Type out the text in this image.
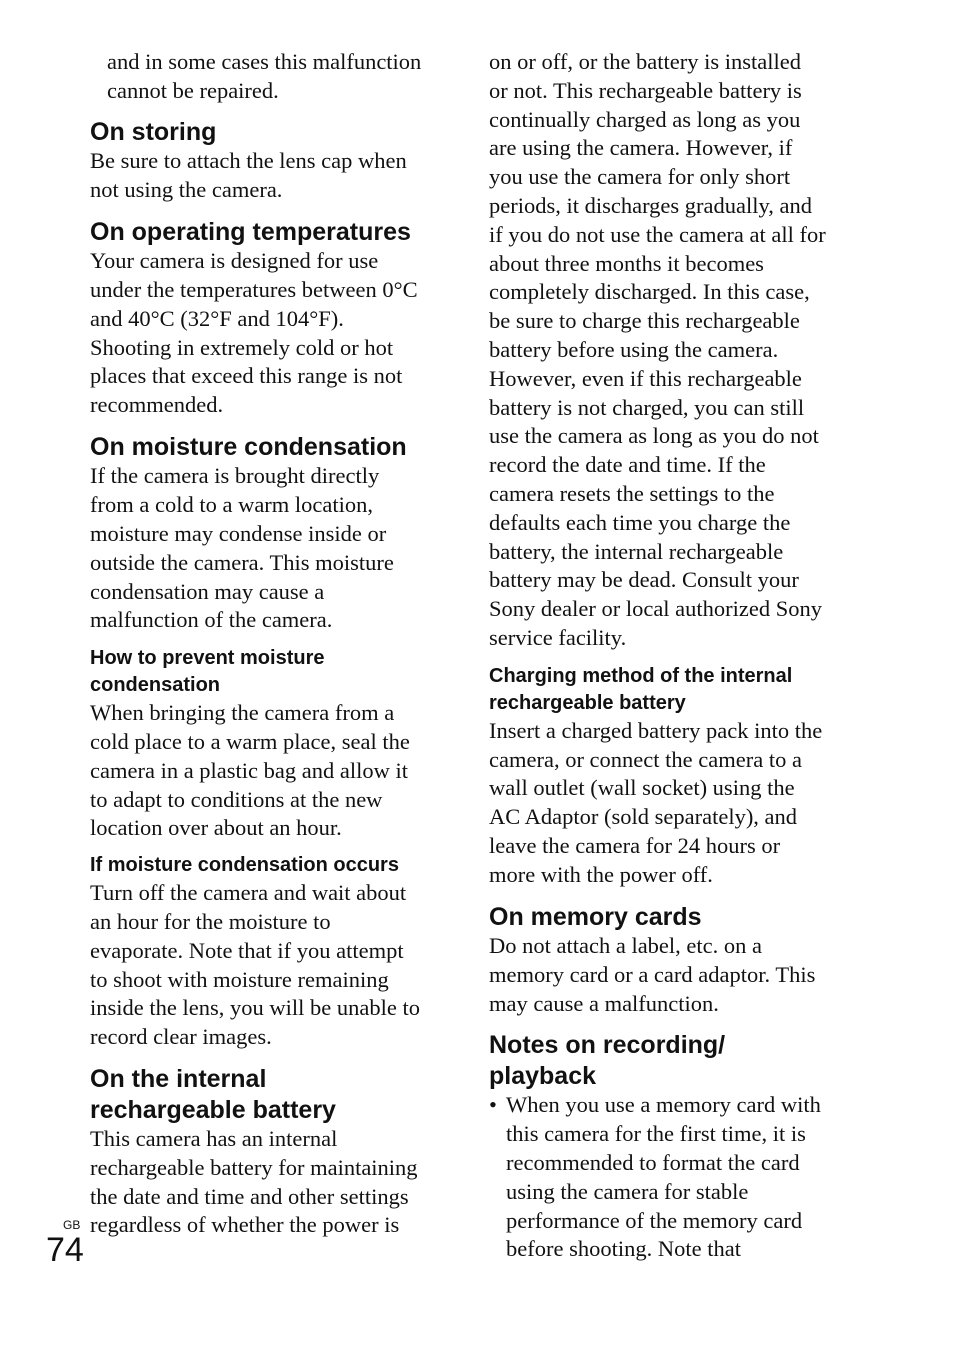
and in some cases this malfunction
cannot be repaired.
On storing
Be sure to attach the lens cap when
not using the camera.
On operating temperatures
Your camera is designed for use
under the temperatures between 0°C
and 40°C (32°F and 104°F).
Shooting in extremely cold or hot
places that exceed this range is not
recommended.
On moisture condensation
If the camera is brought directly
from a cold to a warm location,
moisture may condense inside or
outside the camera. This moisture
condensation may cause a
malfunction of the camera.
How to prevent moisture
condensation
When bringing the camera from a
cold place to a warm place, seal the
camera in a plastic bag and allow it
to adapt to conditions at the new
location over about an hour.
If moisture condensation occurs
Turn off the camera and wait about
an hour for the moisture to
evaporate. Note that if you attempt
to shoot with moisture remaining
inside the lens, you will be unable to
record clear images.
On the internal
rechargeable battery
This camera has an internal
rechargeable battery for maintaining
the date and time and other settings
regardless of whether the power is
on or off, or the battery is installed
or not. This rechargeable battery is
continually charged as long as you
are using the camera. However, if
you use the camera for only short
periods, it discharges gradually, and
if you do not use the camera at all for
about three months it becomes
completely discharged. In this case,
be sure to charge this rechargeable
battery before using the camera.
However, even if this rechargeable
battery is not charged, you can still
use the camera as long as you do not
record the date and time. If the
camera resets the settings to the
defaults each time you charge the
battery, the internal rechargeable
battery may be dead. Consult your
Sony dealer or local authorized Sony
service facility.
Charging method of the internal
rechargeable battery
Insert a charged battery pack into the
camera, or connect the camera to a
wall outlet (wall socket) using the
AC Adaptor (sold separately), and
leave the camera for 24 hours or
more with the power off.
On memory cards
Do not attach a label, etc. on a
memory card or a card adaptor. This
may cause a malfunction.
Notes on recording/
playback
• When you use a memory card with
this camera for the first time, it is
recommended to format the card
using the camera for stable
performance of the memory card
before shooting. Note that
GB
74
